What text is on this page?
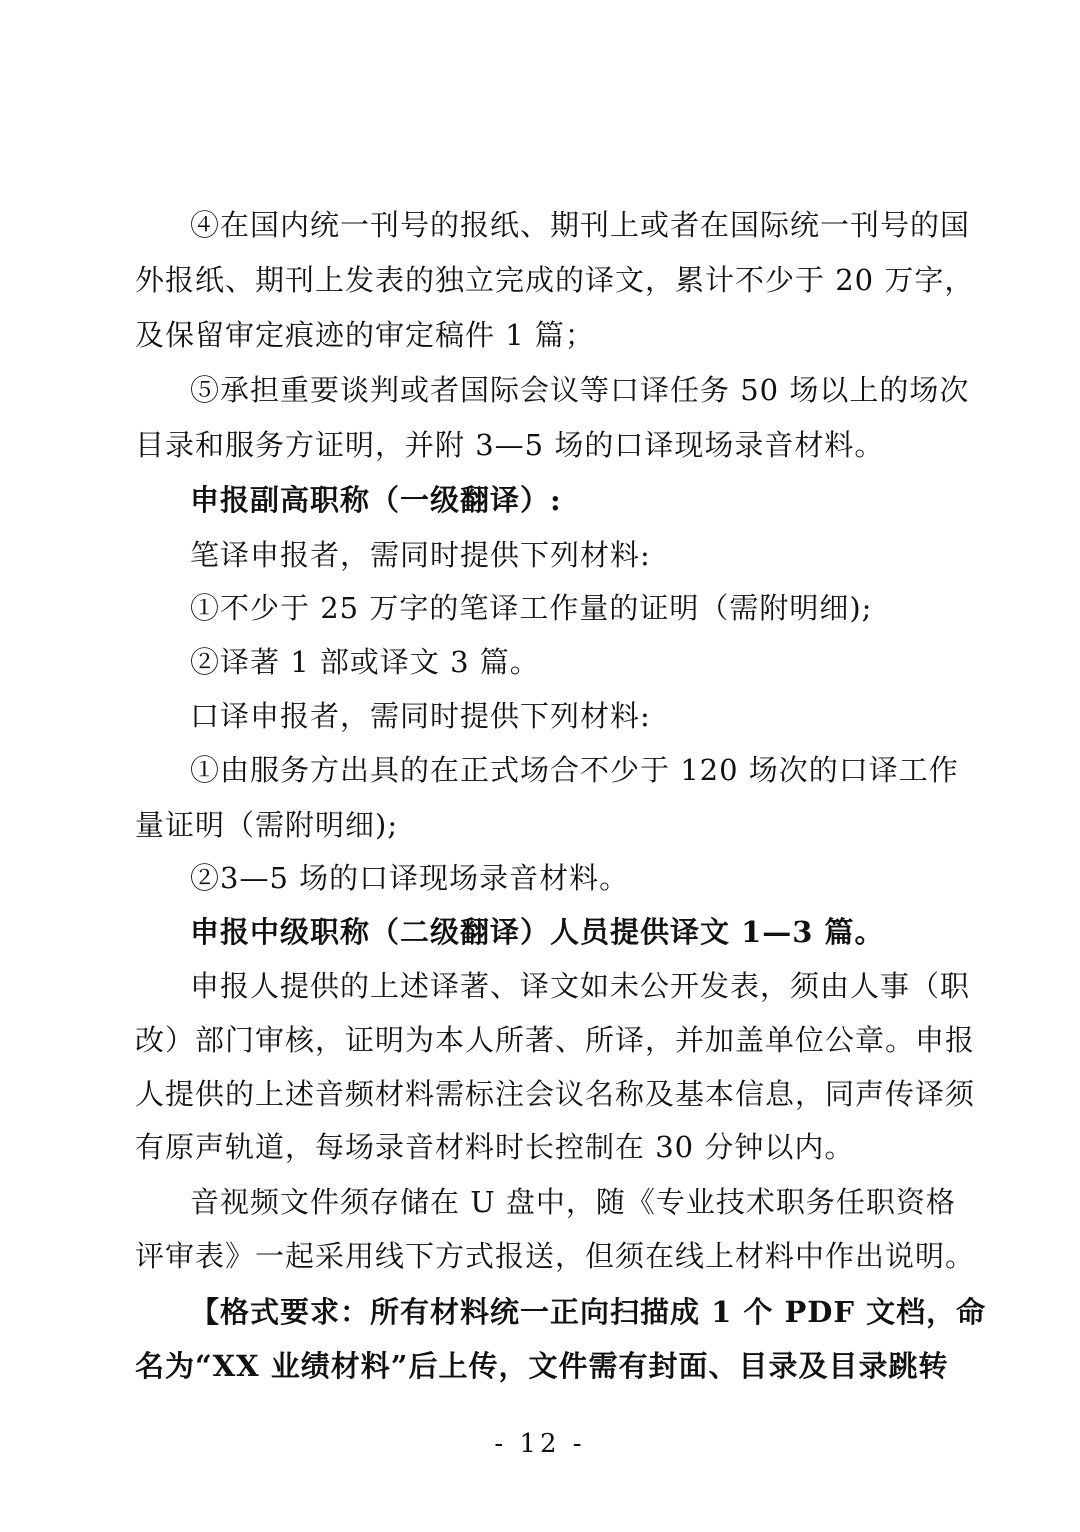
④在国内统一刊号的报纸、期刊上或者在国际统一刊号的国
外报纸、期刊上发表的独立完成的译文，累计不少于 20 万字，
及保留审定痕迹的审定稿件 1 篇；
⑤承担重要谈判或者国际会议等口译任务 50 场以上的场次
目录和服务方证明，并附 3—5 场的口译现场录音材料。
申报副高职称（一级翻译）:
笔译申报者，需同时提供下列材料:
①不少于 25 万字的笔译工作量的证明（需附明细);
②译著 1 部或译文 3 篇。
口译申报者，需同时提供下列材料:
①由服务方出具的在正式场合不少于 120 场次的口译工作
量证明（需附明细);
②3—5 场的口译现场录音材料。
申报中级职称（二级翻译）人员提供译文 1—3 篇。
申报人提供的上述译著、译文如未公开发表，须由人事（职
改）部门审核，证明为本人所著、所译，并加盖单位公章。申报
人提供的上述音频材料需标注会议名称及基本信息，同声传译须
有原声轨道，每场录音材料时长控制在 30 分钟以内。
音视频文件须存储在 U 盘中，随《专业技术职务任职资格
评审表》一起采用线下方式报送，但须在线上材料中作出说明。
【格式要求：所有材料统一正向扫描成 1 个 PDF 文档，命
名为“XX 业绩材料”后上传，文件需有封面、目录及目录跳转
- 12 -
